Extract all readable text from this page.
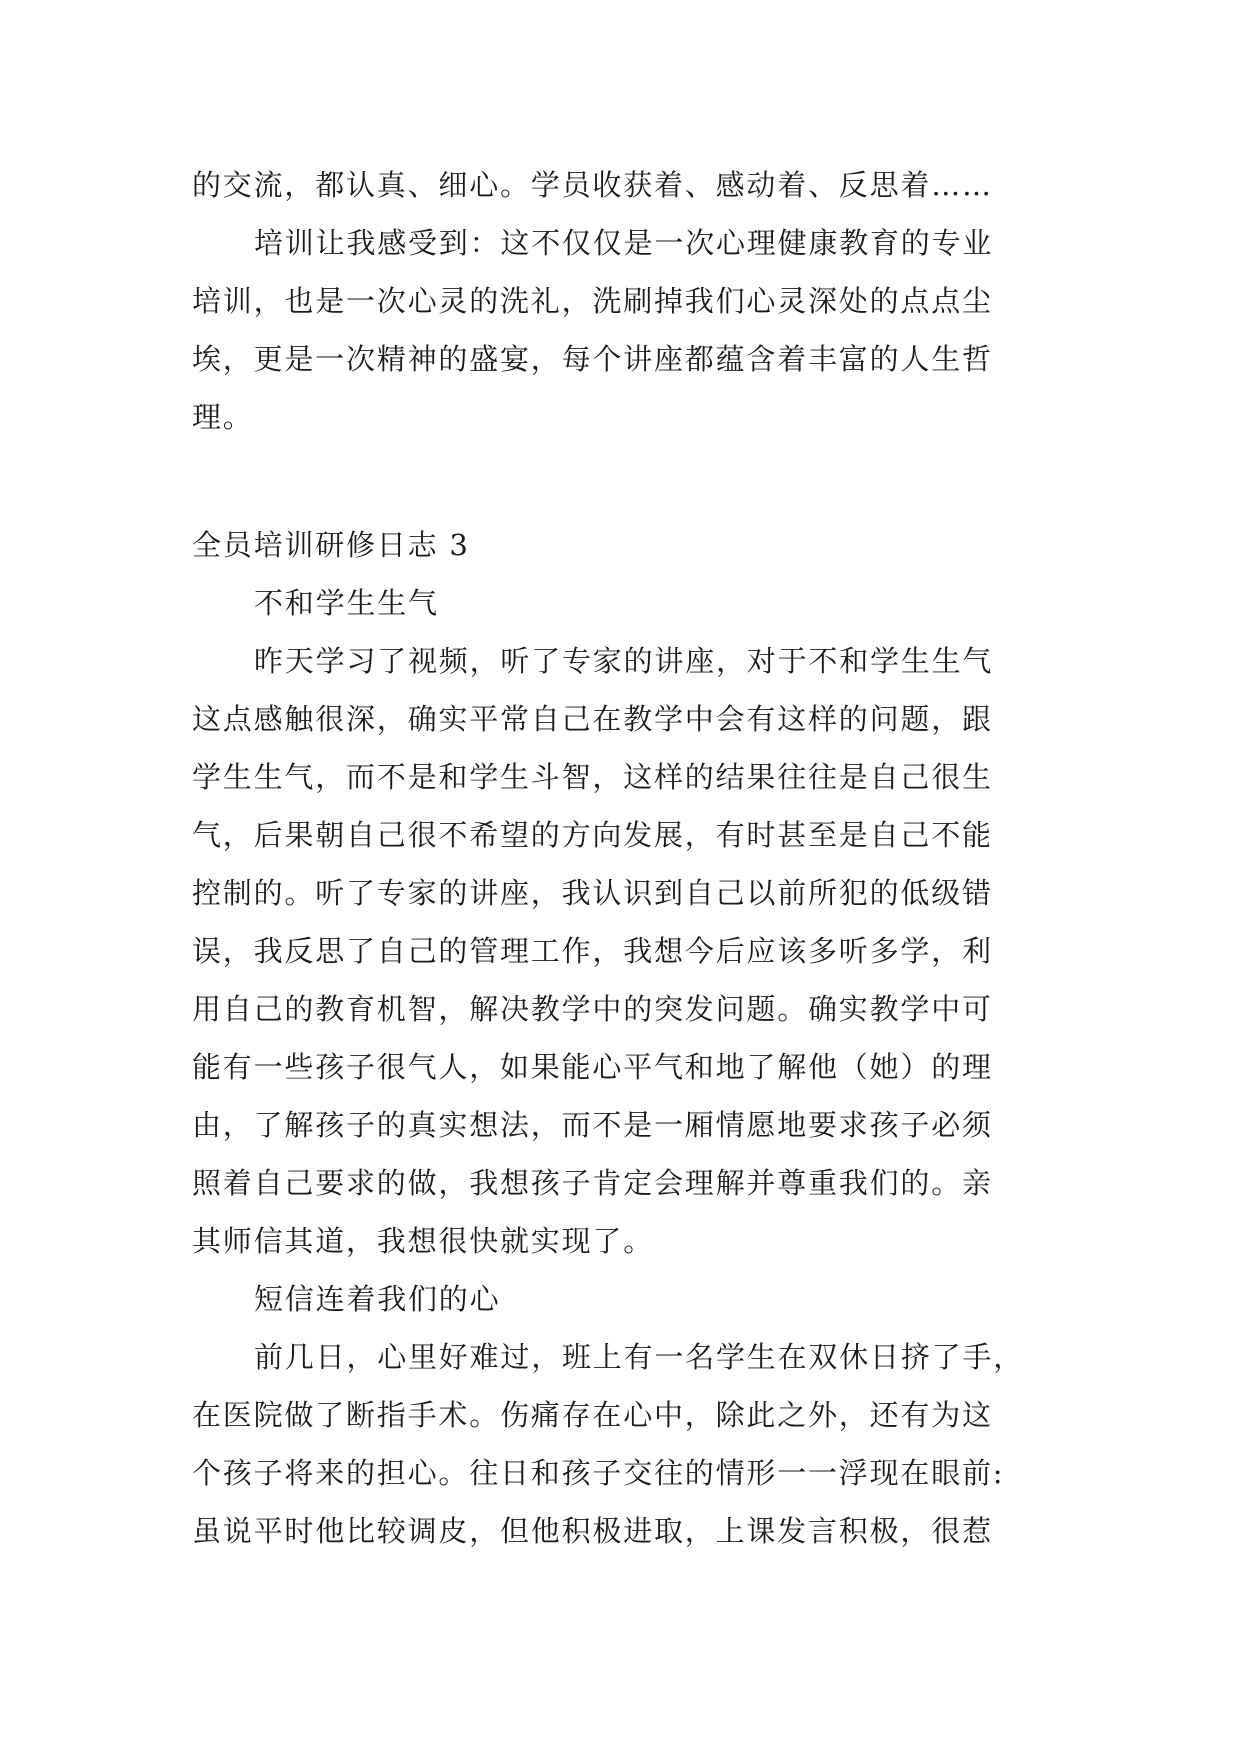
的交流，都认真、细心。学员收获着、感动着、反思着……
培训让我感受到：这不仅仅是一次心理健康教育的专业
培训，也是一次心灵的洗礼，洗刷掉我们心灵深处的点点尘
埃，更是一次精神的盛宴，每个讲座都蕴含着丰富的人生哲
理。
全员培训研修日志 3
不和学生生气
昨天学习了视频，听了专家的讲座，对于不和学生生气
这点感触很深，确实平常自己在教学中会有这样的问题，跟
学生生气，而不是和学生斗智，这样的结果往往是自己很生
气，后果朝自己很不希望的方向发展，有时甚至是自己不能
控制的。听了专家的讲座，我认识到自己以前所犯的低级错
误，我反思了自己的管理工作，我想今后应该多听多学，利
用自己的教育机智，解决教学中的突发问题。确实教学中可
能有一些孩子很气人，如果能心平气和地了解他（她）的理
由，了解孩子的真实想法，而不是一厢情愿地要求孩子必须
照着自己要求的做，我想孩子肯定会理解并尊重我们的。亲
其师信其道，我想很快就实现了。
短信连着我们的心
前几日，心里好难过，班上有一名学生在双休日挤了手，
在医院做了断指手术。伤痛存在心中，除此之外，还有为这
个孩子将来的担心。往日和孩子交往的情形一一浮现在眼前:
虽说平时他比较调皮，但他积极进取，上课发言积极，很惹
